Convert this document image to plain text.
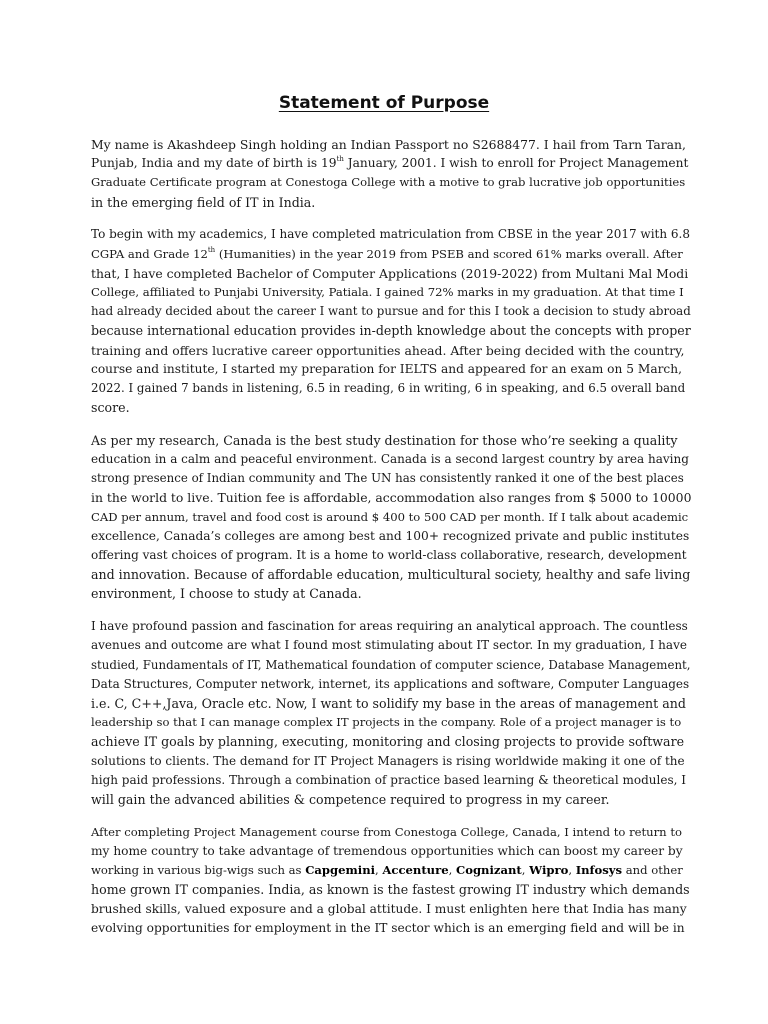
Statement of Purpose

My name is Akashdeep Singh holding an Indian Passport no S2688477. I hail from Tarn Taran,
Punjab, India and my date of birth is 19th January, 2001. I wish to enroll for Project Management
Graduate Certificate program at Conestoga College with a motive to grab lucrative job opportunities
in the emerging field of IT in India.

To begin with my academics, I have completed matriculation from CBSE in the year 2017 with 6.8
CGPA and Grade 12th (Humanities) in the year 2019 from PSEB and scored 61% marks overall. After
that, I have completed Bachelor of Computer Applications (2019-2022) from Multani Mal Modi
College, affiliated to Punjabi University, Patiala. I gained 72% marks in my graduation. At that time I
had already decided about the career I want to pursue and for this I took a decision to study abroad
because international education provides in-depth knowledge about the concepts with proper
training and offers lucrative career opportunities ahead. After being decided with the country,
course and institute, I started my preparation for IELTS and appeared for an exam on 5 March,
2022. I gained 7 bands in listening, 6.5 in reading, 6 in writing, 6 in speaking, and 6.5 overall band
score.

As per my research, Canada is the best study destination for those who’re seeking a quality
education in a calm and peaceful environment. Canada is a second largest country by area having
strong presence of Indian community and The UN has consistently ranked it one of the best places
in the world to live. Tuition fee is affordable, accommodation also ranges from $ 5000 to 10000
CAD per annum, travel and food cost is around $ 400 to 500 CAD per month. If I talk about academic
excellence, Canada’s colleges are among best and 100+ recognized private and public institutes
offering vast choices of program. It is a home to world-class collaborative, research, development
and innovation. Because of affordable education, multicultural society, healthy and safe living
environment, I choose to study at Canada.

I have profound passion and fascination for areas requiring an analytical approach. The countless
avenues and outcome are what I found most stimulating about IT sector. In my graduation, I have
studied, Fundamentals of IT, Mathematical foundation of computer science, Database Management,
Data Structures, Computer network, internet, its applications and software, Computer Languages
i.e. C, C++,Java, Oracle etc. Now, I want to solidify my base in the areas of management and
leadership so that I can manage complex IT projects in the company. Role of a project manager is to
achieve IT goals by planning, executing, monitoring and closing projects to provide software
solutions to clients. The demand for IT Project Managers is rising worldwide making it one of the
high paid professions. Through a combination of practice based learning & theoretical modules, I
will gain the advanced abilities & competence required to progress in my career.

After completing Project Management course from Conestoga College, Canada, I intend to return to
my home country to take advantage of tremendous opportunities which can boost my career by
working in various big-wigs such as Capgemini, Accenture, Cognizant, Wipro, Infosys and other
home grown IT companies. India, as known is the fastest growing IT industry which demands
brushed skills, valued exposure and a global attitude. I must enlighten here that India has many
evolving opportunities for employment in the IT sector which is an emerging field and will be in
